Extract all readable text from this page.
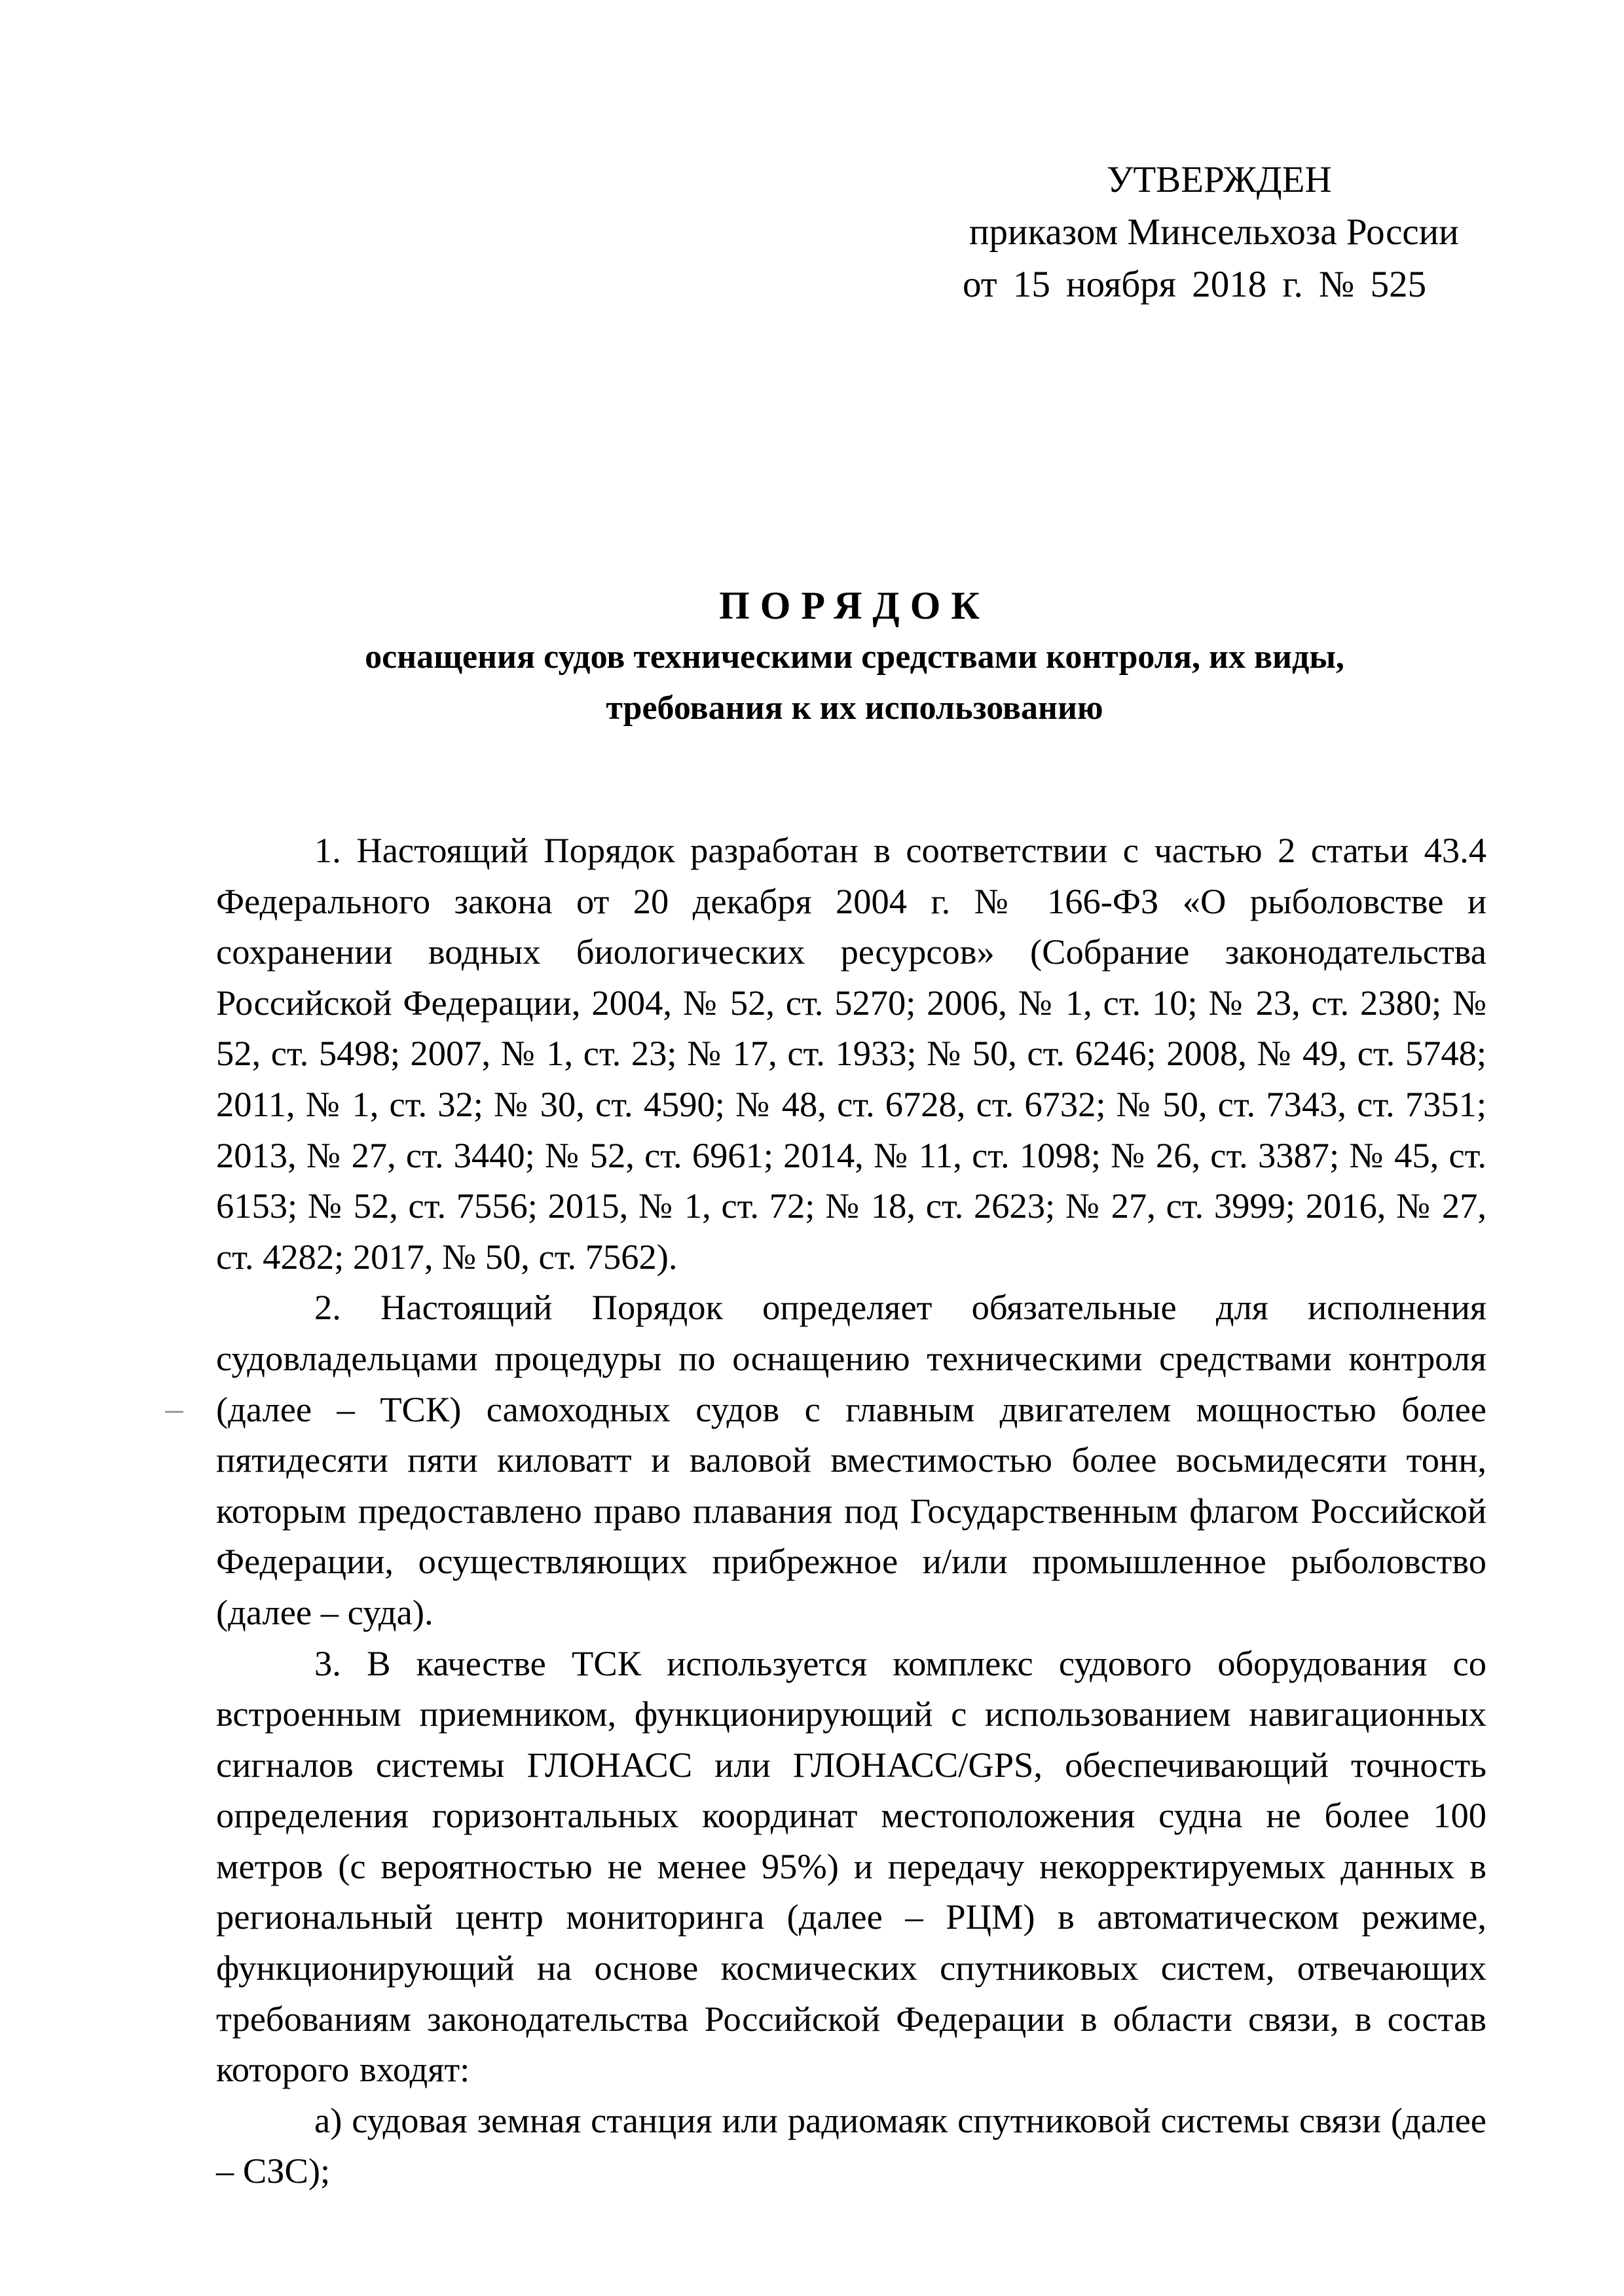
УТВЕРЖДЕН
приказом Минсельхоза России
от 15 ноября 2018 г. № 525
ПОРЯДОК
оснащения судов техническими средствами контроля, их виды,
требования к их использованию

1. Настоящий Порядок разработан в соответствии с частью 2 статьи 43.4 Федерального закона от 20 декабря 2004 г. № 166-ФЗ «О рыболовстве и сохранении водных биологических ресурсов» (Собрание законодательства Российской Федерации, 2004, № 52, ст. 5270; 2006, № 1, ст. 10; № 23, ст. 2380; № 52, ст. 5498; 2007, № 1, ст. 23; № 17, ст. 1933; № 50, ст. 6246; 2008, № 49, ст. 5748; 2011, № 1, ст. 32; № 30, ст. 4590; № 48, ст. 6728, ст. 6732; № 50, ст. 7343, ст. 7351; 2013, № 27, ст. 3440; № 52, ст. 6961; 2014, № 11, ст. 1098; № 26, ст. 3387; № 45, ст. 6153; № 52, ст. 7556; 2015, № 1, ст. 72; № 18, ст. 2623; № 27, ст. 3999; 2016, № 27, ст. 4282; 2017, № 50, ст. 7562).

2. Настоящий Порядок определяет обязательные для исполнения судовладельцами процедуры по оснащению техническими средствами контроля (далее – ТСК) самоходных судов с главным двигателем мощностью более пятидесяти пяти киловатт и валовой вместимостью более восьмидесяти тонн, которым предоставлено право плавания под Государственным флагом Российской Федерации, осуществляющих прибрежное и/или промышленное рыболовство (далее – суда).

3. В качестве ТСК используется комплекс судового оборудования со встроенным приемником, функционирующий с использованием навигационных сигналов системы ГЛОНАСС или ГЛОНАСС/GPS, обеспечивающий точность определения горизонтальных координат местоположения судна не более 100 метров (с вероятностью не менее 95%) и передачу некорректируемых данных в региональный центр мониторинга (далее – РЦМ) в автоматическом режиме, функционирующий на основе космических спутниковых систем, отвечающих требованиям законодательства Российской Федерации в области связи, в состав которого входят:

а) судовая земная станция или радиомаяк спутниковой системы связи (далее – СЗС);
